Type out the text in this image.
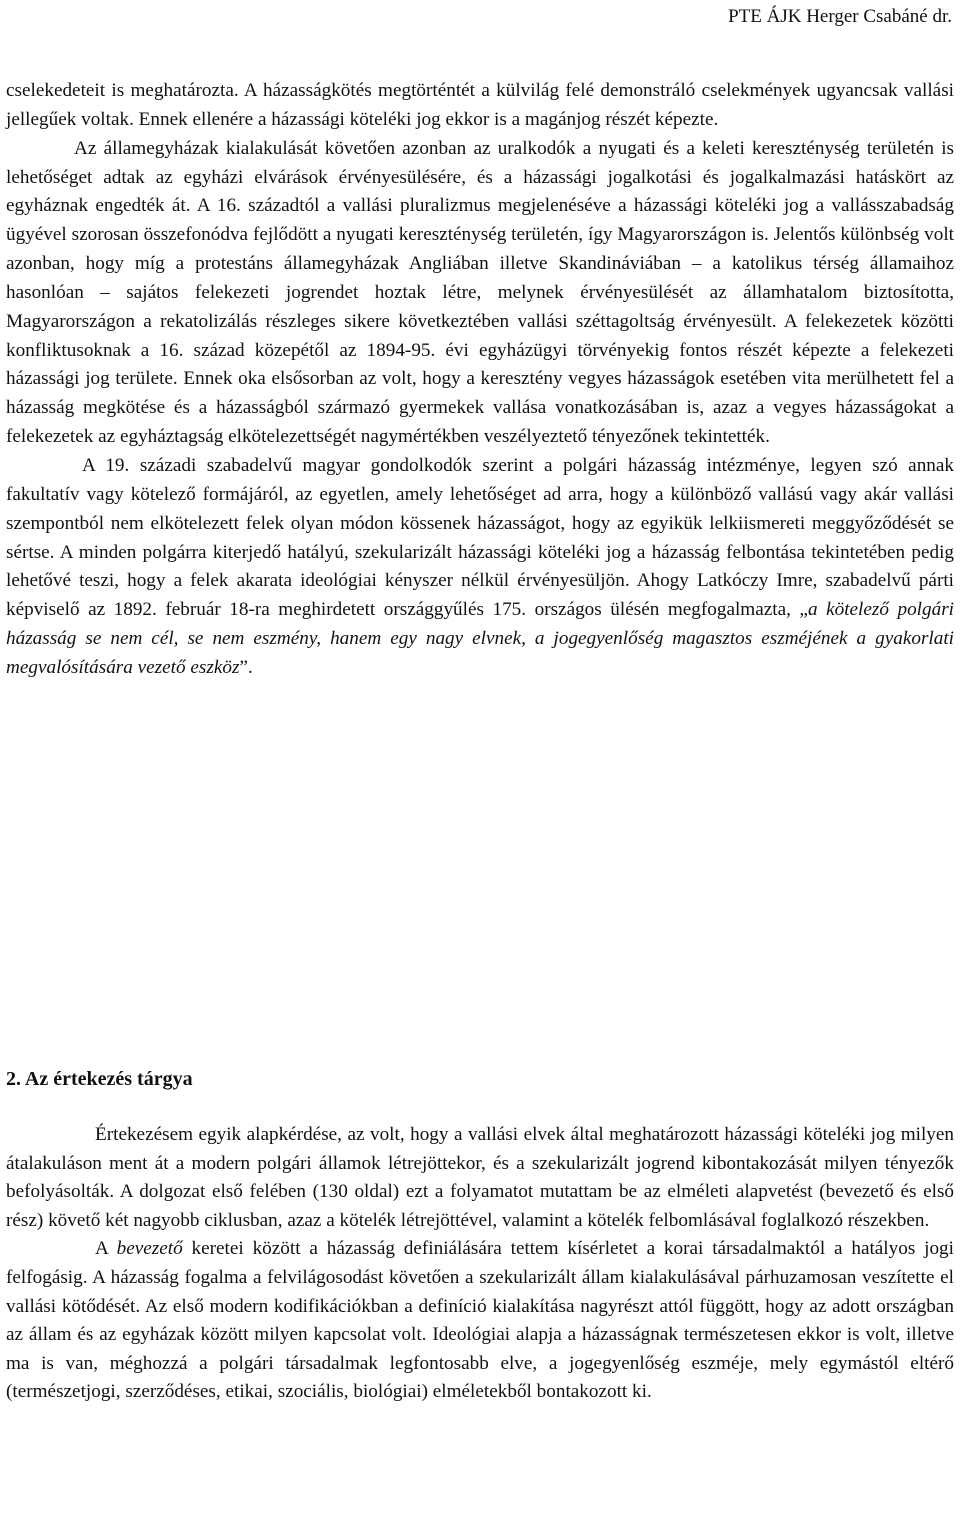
PTE ÁJK Herger Csabáné dr.

cselekedeteit is meghatározta. A házasságkötés megtörténtét a külvilág felé demonstráló cselekmények ugyancsak vallási jellegűek voltak. Ennek ellenére a házassági köteléki jog ekkor is a magánjog részét képezte.

Az államegyházak kialakulását követően azonban az uralkodók a nyugati és a keleti kereszténység területén is lehetőséget adtak az egyházi elvárások érvényesülésére, és a házassági jogalkotási és jogalkalmazási hatáskört az egyháznak engedték át. A 16. századtól a vallási pluralizmus megjelenéséve a házassági köteléki jog a vallásszabadság ügyével szorosan összefonódva fejlődött a nyugati kereszténység területén, így Magyarországon is. Jelentős különbség volt azonban, hogy míg a protestáns államegyházak Angliában illetve Skandináviában – a katolikus térség államaihoz hasonlóan – sajátos felekezeti jogrendet hoztak létre, melynek érvényesülését az államhatalom biztosította, Magyarországon a rekatolizálás részleges sikere következtében vallási széttagoltság érvényesült. A felekezetek közötti konfliktusoknak a 16. század közepétől az 1894-95. évi egyházügyi törvényekig fontos részét képezte a felekezeti házassági jog területe. Ennek oka elsősorban az volt, hogy a keresztény vegyes házasságok esetében vita merülhetett fel a házasság megkötése és a házasságból származó gyermekek vallása vonatkozásában is, azaz a vegyes házasságokat a felekezetek az egyháztagság elkötelezettségét nagymértékben veszélyeztető tényezőnek tekintették.

A 19. századi szabadelvű magyar gondolkodók szerint a polgári házasság intézménye, legyen szó annak fakultatív vagy kötelező formájáról, az egyetlen, amely lehetőséget ad arra, hogy a különböző vallású vagy akár vallási szempontból nem elkötelezett felek olyan módon kössenek házasságot, hogy az egyikük lelkiismereti meggyőződését se sértse. A minden polgárra kiterjedő hatályú, szekularizált házassági köteléki jog a házasság felbontása tekintetében pedig lehetővé teszi, hogy a felek akarata ideológiai kényszer nélkül érvényesüljön. Ahogy Latkóczy Imre, szabadelvű párti képviselő az 1892. február 18-ra meghirdetett országgyűlés 175. országos ülésén megfogalmazta, „a kötelező polgári házasság se nem cél, se nem eszmény, hanem egy nagy elvnek, a jogegyenlőség magasztos eszméjének a gyakorlati megvalósítására vezető eszköz”.

2. Az értekezés tárgya

Értekezésem egyik alapkérdése, az volt, hogy a vallási elvek által meghatározott házassági köteléki jog milyen átalakuláson ment át a modern polgári államok létrejöttekor, és a szekularizált jogrend kibontakozását milyen tényezők befolyásolták. A dolgozat első felében (130 oldal) ezt a folyamatot mutattam be az elméleti alapvetést (bevezető és első rész) követő két nagyobb ciklusban, azaz a kötelék létrejöttével, valamint a kötelék felbomlásával foglalkozó részekben.

A bevezető keretei között a házasság definiálására tettem kísérletet a korai társadalmaktól a hatályos jogi felfogásig. A házasság fogalma a felvilágosodást követően a szekularizált állam kialakulásával párhuzamosan veszítette el vallási kötődését. Az első modern kodifikációkban a definíció kialakítása nagyrészt attól függött, hogy az adott országban az állam és az egyházak között milyen kapcsolat volt. Ideológiai alapja a házasságnak természetesen ekkor is volt, illetve ma is van, méghozzá a polgári társadalmak legfontosabb elve, a jogegyenlőség eszméje, mely egymástól eltérő (természetjogi, szerződéses, etikai, szociális, biológiai) elméletekből bontakozott ki.
